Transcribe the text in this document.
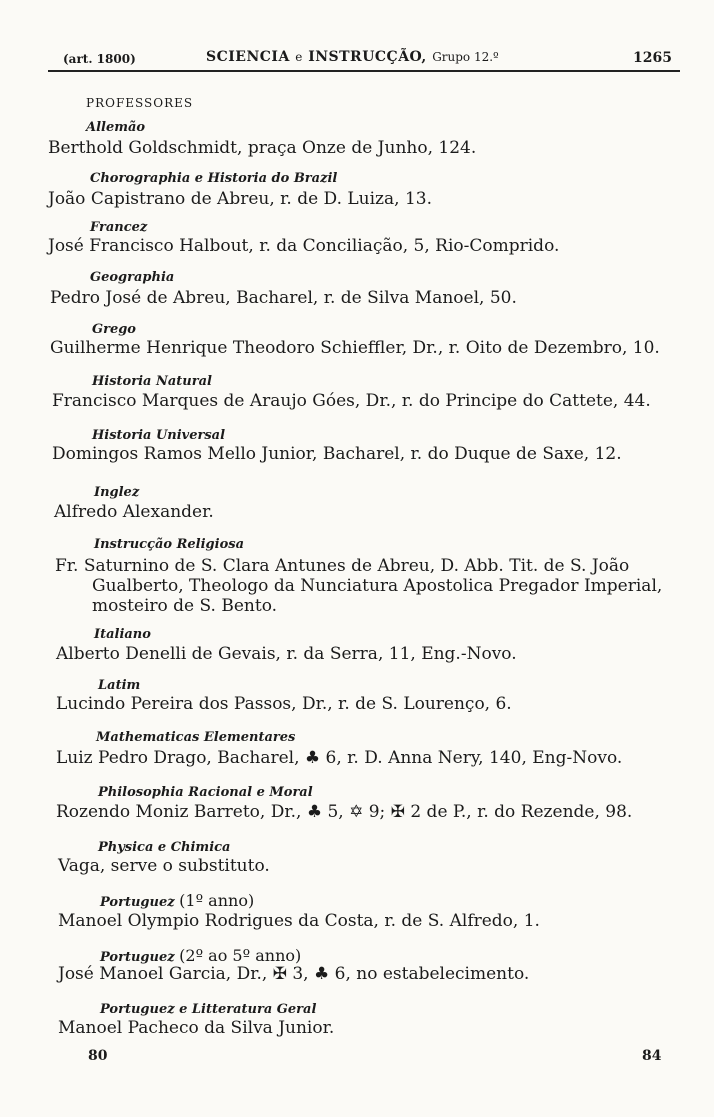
(art. 1800)	SCIENCIA e INSTRUCÇÃO, Grupo 12.º	1265
PROFESSORES
Allemão
Berthold Goldschmidt, praça Onze de Junho, 124.
Chorographia e Historia do Brazil
João Capistrano de Abreu, r. de D. Luiza, 13.
Francez
José Francisco Halbout, r. da Conciliação, 5, Rio-Comprido.
Geographia
Pedro José de Abreu, Bacharel, r. de Silva Manoel, 50.
Grego
Guilherme Henrique Theodoro Schieffler, Dr., r. Oito de Dezembro, 10.
Historia Natural
Francisco Marques de Araujo Góes, Dr., r. do Principe do Cattete, 44.
Historia Universal
Domingos Ramos Mello Junior, Bacharel, r. do Duque de Saxe, 12.
Inglez
Alfredo Alexander.
Instrucção Religiosa
Fr. Saturnino de S. Clara Antunes de Abreu, D. Abb. Tit. de S. João Gualberto, Theologo da Nunciatura Apostolica Pregador Imperial, mosteiro de S. Bento.
Italiano
Alberto Denelli de Gevais, r. da Serra, 11, Eng.-Novo.
Latim
Lucindo Pereira dos Passos, Dr., r. de S. Lourenço, 6.
Mathematicas Elementares
Luiz Pedro Drago, Bacharel, ♣ 6, r. D. Anna Nery, 140, Eng-Novo.
Philosophia Racional e Moral
Rozendo Moniz Barreto, Dr., ♣ 5, ✡ 9; ✠ 2 de P., r. do Rezende, 98.
Physica e Chimica
Vaga, serve o substituto.
Portuguez (1º anno)
Manoel Olympio Rodrigues da Costa, r. de S. Alfredo, 1.
Portuguez (2º ao 5º anno)
José Manoel Garcia, Dr., ✠ 3, ♣ 6, no estabelecimento.
Portuguez e Litteratura Geral
Manoel Pacheco da Silva Junior.
80	84
